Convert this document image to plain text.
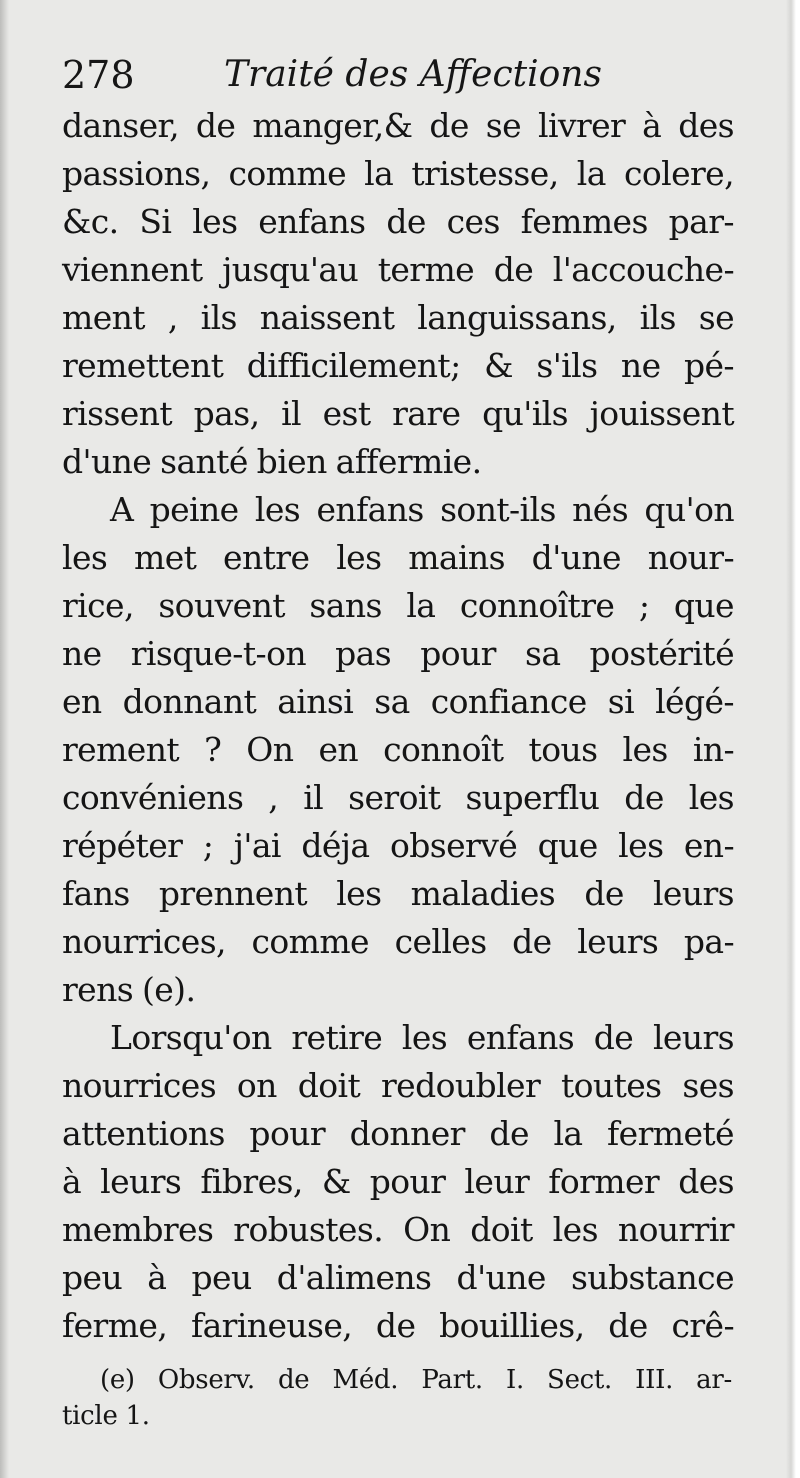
278 Traité des Affections
danser, de manger,& de se livrer à des
passions, comme la tristesse, la colere,
&c. Si les enfans de ces femmes par-
viennent jusqu'au terme de l'accouche-
ment , ils naissent languissans, ils se
remettent difficilement; & s'ils ne pé-
rissent pas, il est rare qu'ils jouissent
d'une santé bien affermie.
A peine les enfans sont-ils nés qu'on
les met entre les mains d'une nour-
rice, souvent sans la connoître ; que
ne risque-t-on pas pour sa postérité
en donnant ainsi sa confiance si légé-
rement ? On en connoît tous les in-
convéniens , il seroit superflu de les
répéter ; j'ai déja observé que les en-
fans prennent les maladies de leurs
nourrices, comme celles de leurs pa-
rens (e).
Lorsqu'on retire les enfans de leurs
nourrices on doit redoubler toutes ses
attentions pour donner de la fermeté
à leurs fibres, & pour leur former des
membres robustes. On doit les nourrir
peu à peu d'alimens d'une substance
ferme, farineuse, de bouillies, de crê-
(e) Observ. de Méd. Part. I. Sect. III. ar-
ticle 1.
